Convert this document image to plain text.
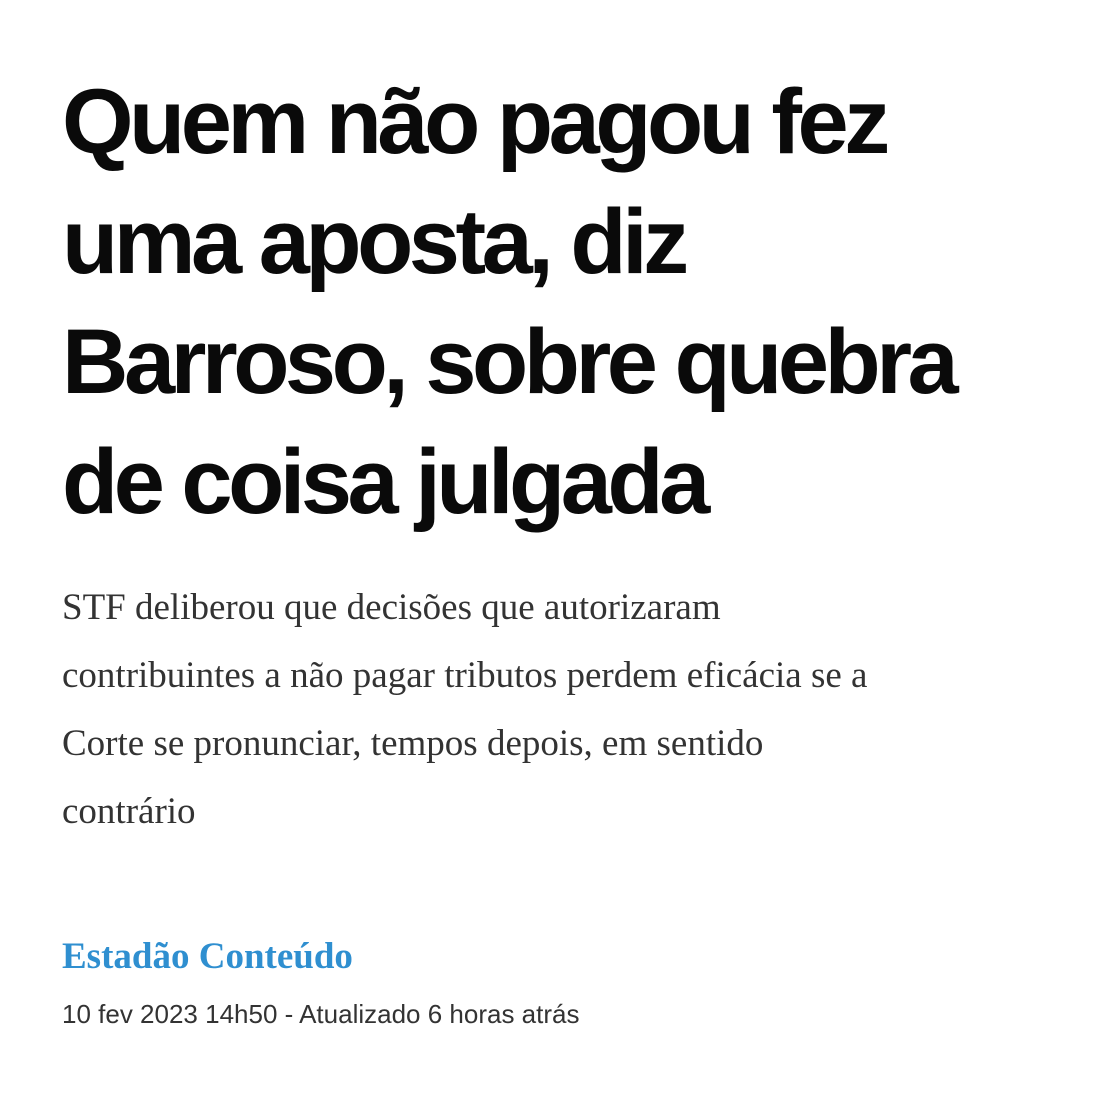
Quem não pagou fez
uma aposta, diz
Barroso, sobre quebra
de coisa julgada

STF deliberou que decisões que autorizaram
contribuintes a não pagar tributos perdem eficácia se a
Corte se pronunciar, tempos depois, em sentido
contrário

Estadão Conteúdo

10 fev 2023 14h50 - Atualizado 6 horas atrás
